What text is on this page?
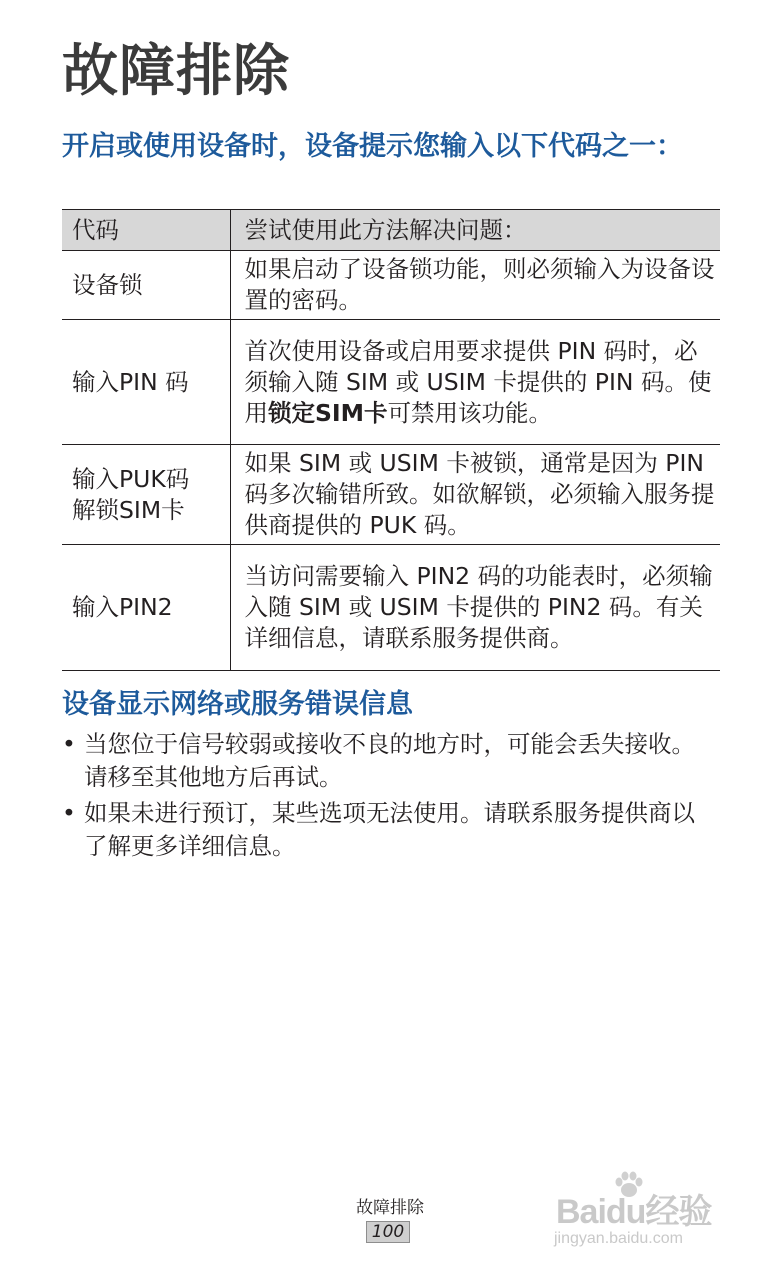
故障排除
开启或使用设备时，设备提示您输入以下代码之一：
代码	尝试使用此方法解决问题：
设备锁	如果启动了设备锁功能，则必须输入为设备设置的密码。
输入PIN 码	首次使用设备或启用要求提供 PIN 码时，必须输入随 SIM 或 USIM 卡提供的 PIN 码。使用锁定SIM卡可禁用该功能。

输入PUK码
解锁SIM卡	如果 SIM 或 USIM 卡被锁，通常是因为 PIN 码多次输错所致。如欲解锁，必须输入服务提供商提供的 PUK 码。
输入PIN2	当访问需要输入 PIN2 码的功能表时，必须输入随 SIM 或 USIM 卡提供的 PIN2 码。有关详细信息，请联系服务提供商。
设备显示网络或服务错误信息
• 当您位于信号较弱或接收不良的地方时，可能会丢失接收。请移至其他地方后再试。
• 如果未进行预订，某些选项无法使用。请联系服务提供商以了解更多详细信息。
故障排除
100
Baidu经验
jingyan.baidu.com
